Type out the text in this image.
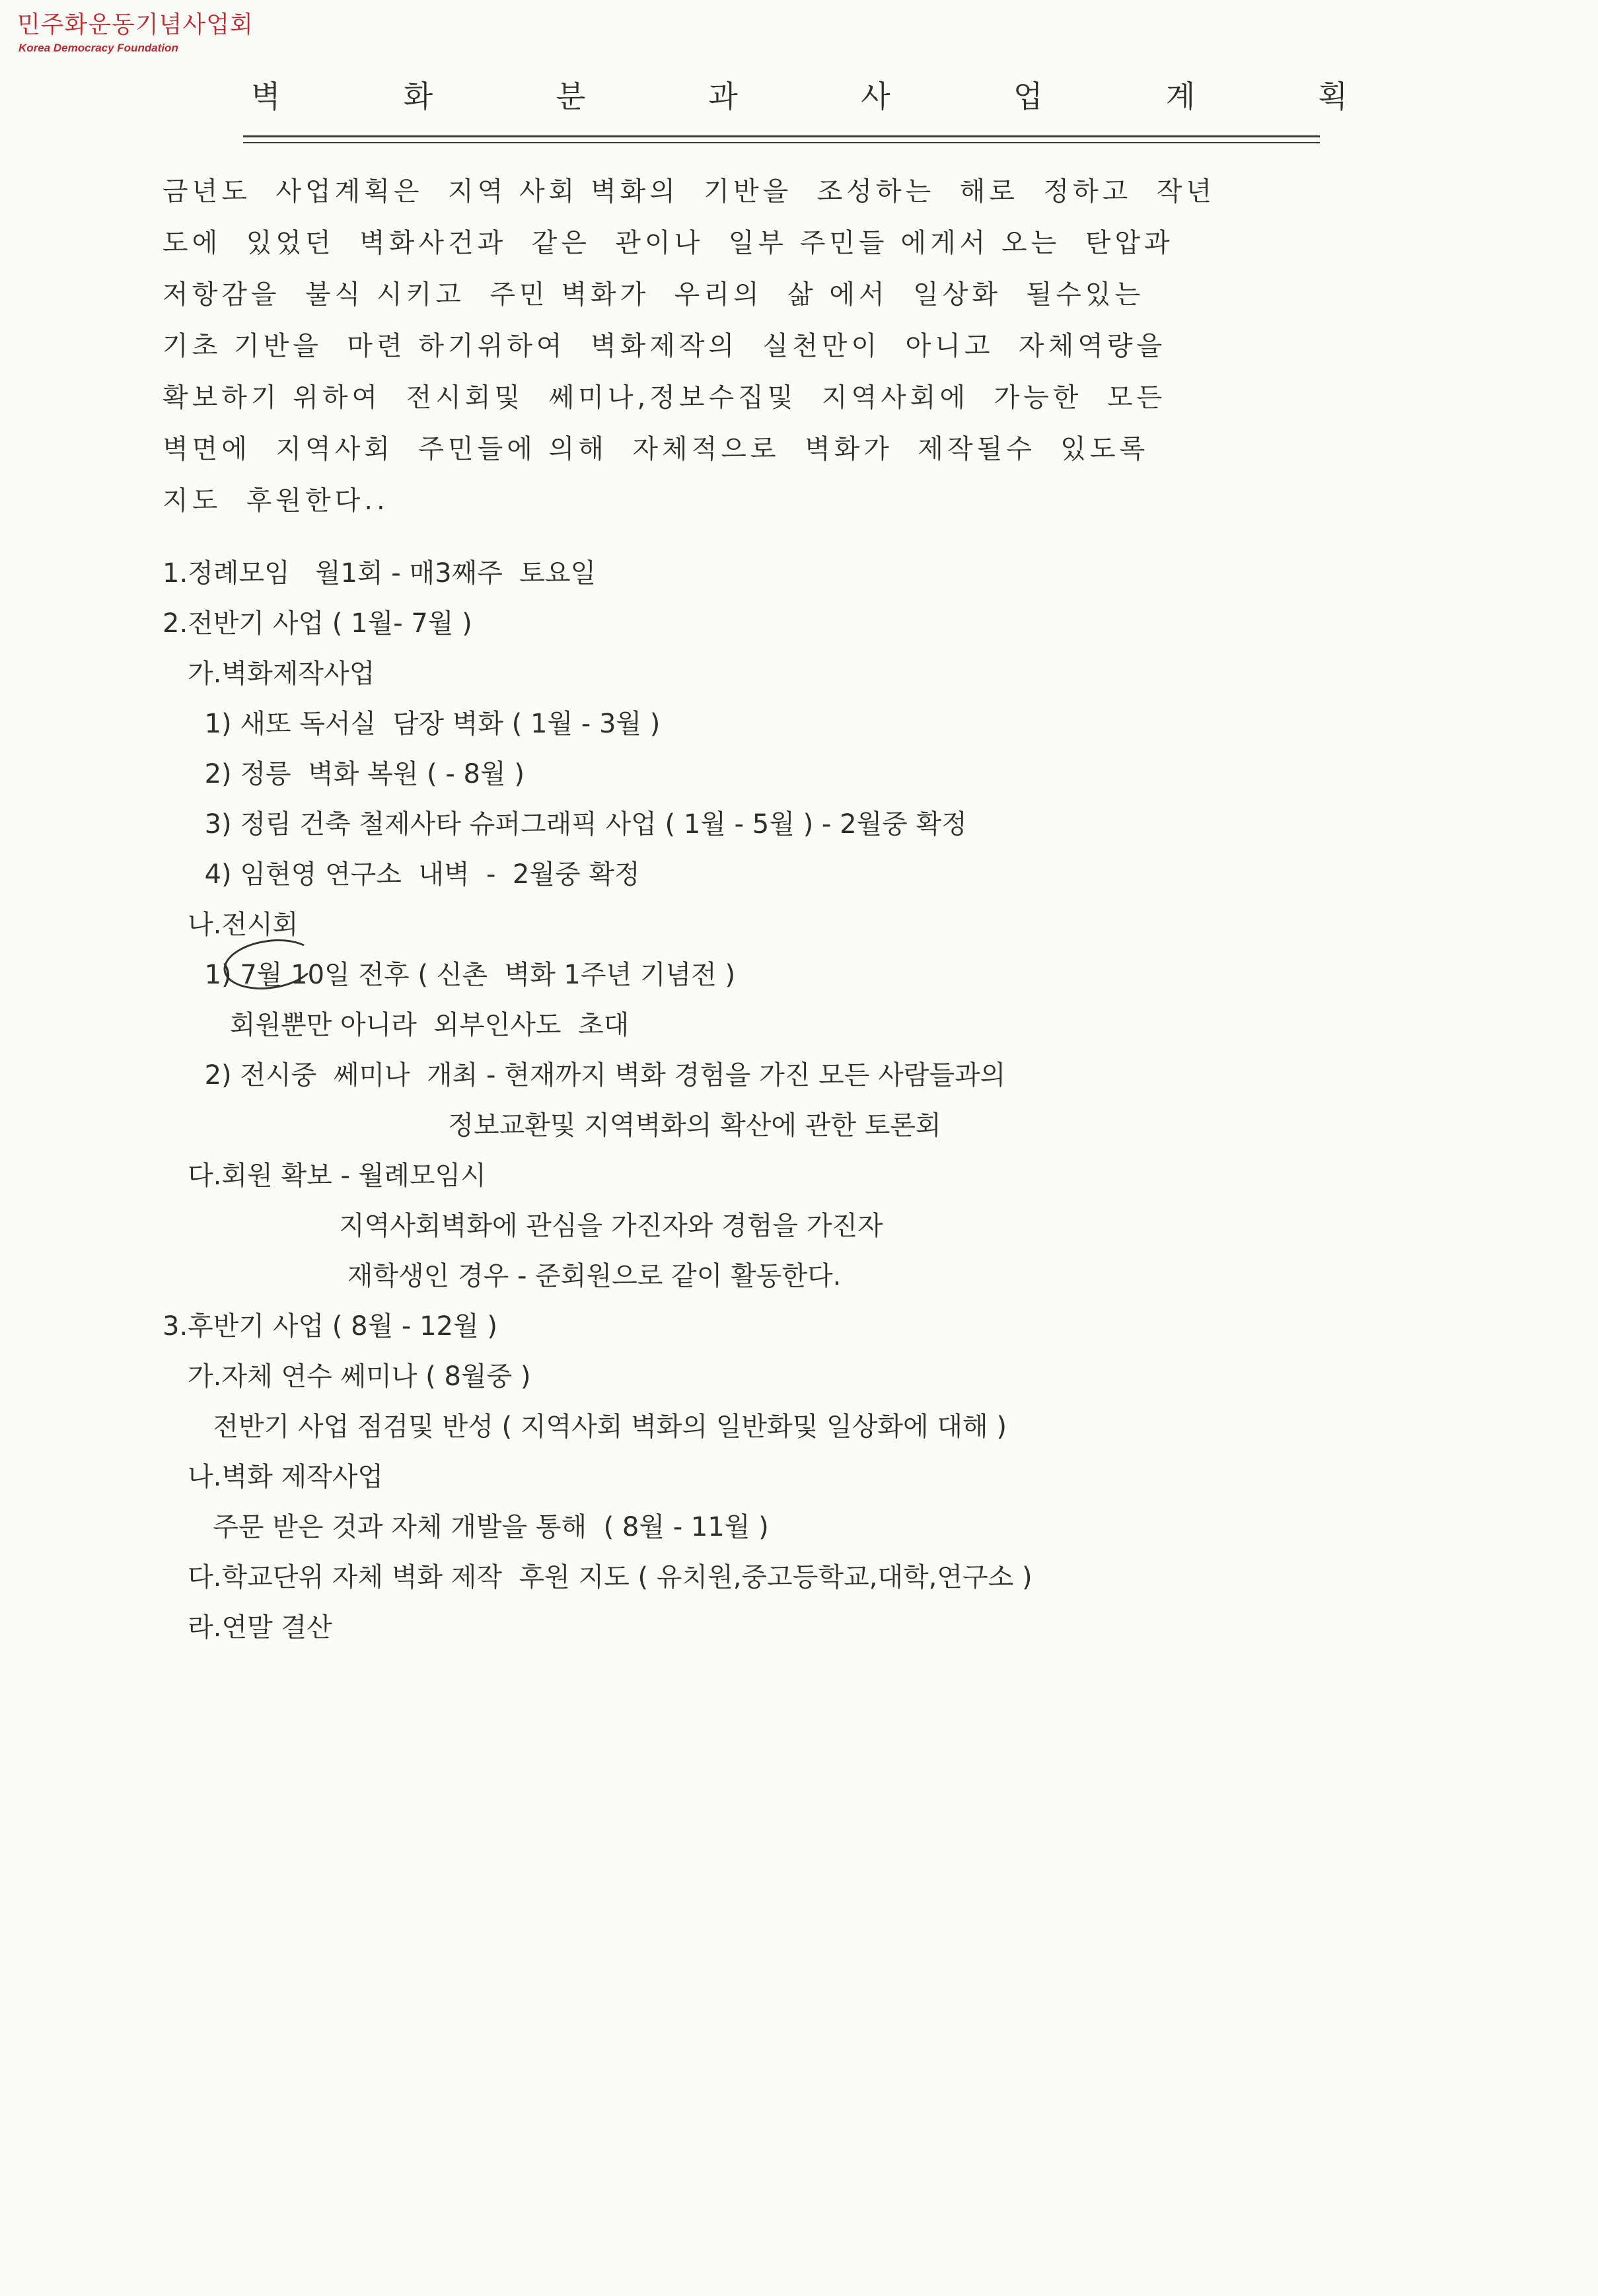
민주화운동기념사업회
Korea Democracy Foundation
벽	화	분	과	사	업	계	획
금년도  사업계획은  지역 사회 벽화의  기반을  조성하는  해로  정하고  작년
도에  있었던  벽화사건과  같은  관이나  일부 주민들 에게서 오는  탄압과
저항감을  불식 시키고  주민 벽화가  우리의  삶 에서  일상화  될수있는
기초 기반을  마련 하기위하여  벽화제작의  실천만이  아니고  자체역량을
확보하기 위하여  전시회및  쎄미나,정보수집및  지역사회에  가능한  모든
벽면에  지역사회  주민들에 의해  자체적으로  벽화가  제작될수  있도록
지도  후원한다..
1.정례모임   월1회 - 매3째주  토요일
2.전반기 사업 ( 1월- 7월 )
가.벽화제작사업
1) 새또 독서실  담장 벽화 ( 1월 - 3월 )
2) 정릉  벽화 복원 ( - 8월 )
3) 정림 건축 철제사타 슈퍼그래픽 사업 ( 1월 - 5월 ) - 2월중 확정
4) 임현영 연구소  내벽  -  2월중 확정
나.전시회
1) 7월 10일 전후 ( 신촌  벽화 1주년 기념전 )
회원뿐만 아니라  외부인사도  초대
2) 전시중  쎄미나  개최 - 현재까지 벽화 경험을 가진 모든 사람들과의
정보교환및 지역벽화의 확산에 관한 토론회
다.회원 확보 - 월례모임시
지역사회벽화에 관심을 가진자와 경험을 가진자
재학생인 경우 - 준회원으로 같이 활동한다.
3.후반기 사업 ( 8월 - 12월 )
가.자체 연수 쎄미나 ( 8월중 )
전반기 사업 점검및 반성 ( 지역사회 벽화의 일반화및 일상화에 대해 )
나.벽화 제작사업
주문 받은 것과 자체 개발을 통해  ( 8월 - 11월 )
다.학교단위 자체 벽화 제작  후원 지도 ( 유치원,중고등학교,대학,연구소 )
라.연말 결산
